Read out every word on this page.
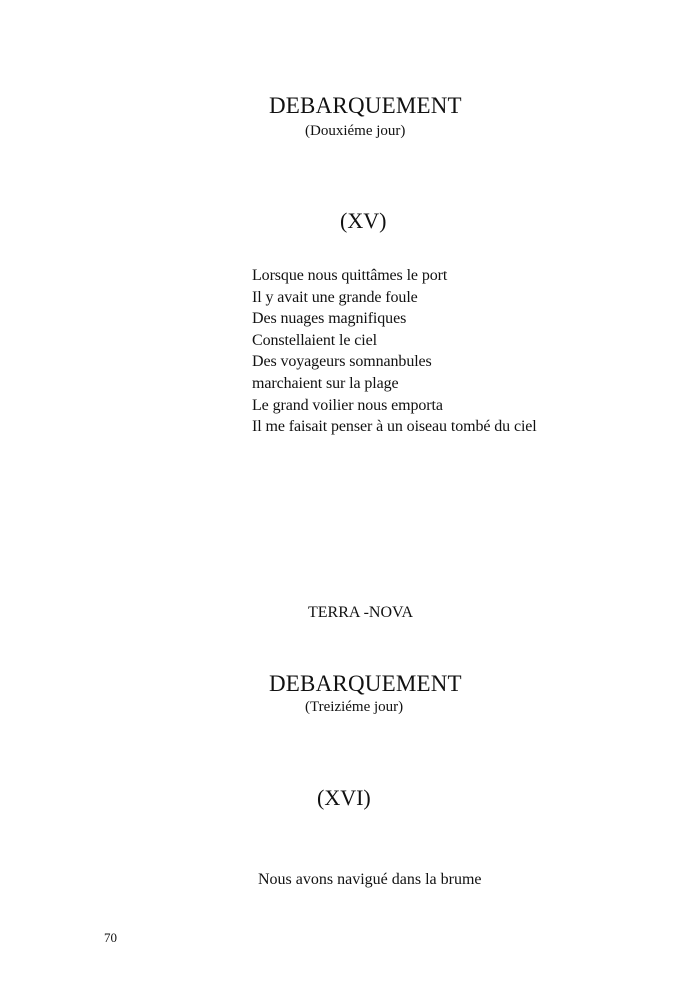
DEBARQUEMENT
(Douxiéme jour)
(XV)
Lorsque nous quittâmes le port
Il y avait une grande foule
Des nuages magnifiques
Constellaient le ciel
Des voyageurs somnanbules
marchaient sur la plage
Le grand voilier nous emporta
Il me faisait penser à un oiseau tombé du ciel
TERRA -NOVA
DEBARQUEMENT
(Treiziéme jour)
(XVI)
Nous avons navigué dans la brume
70
